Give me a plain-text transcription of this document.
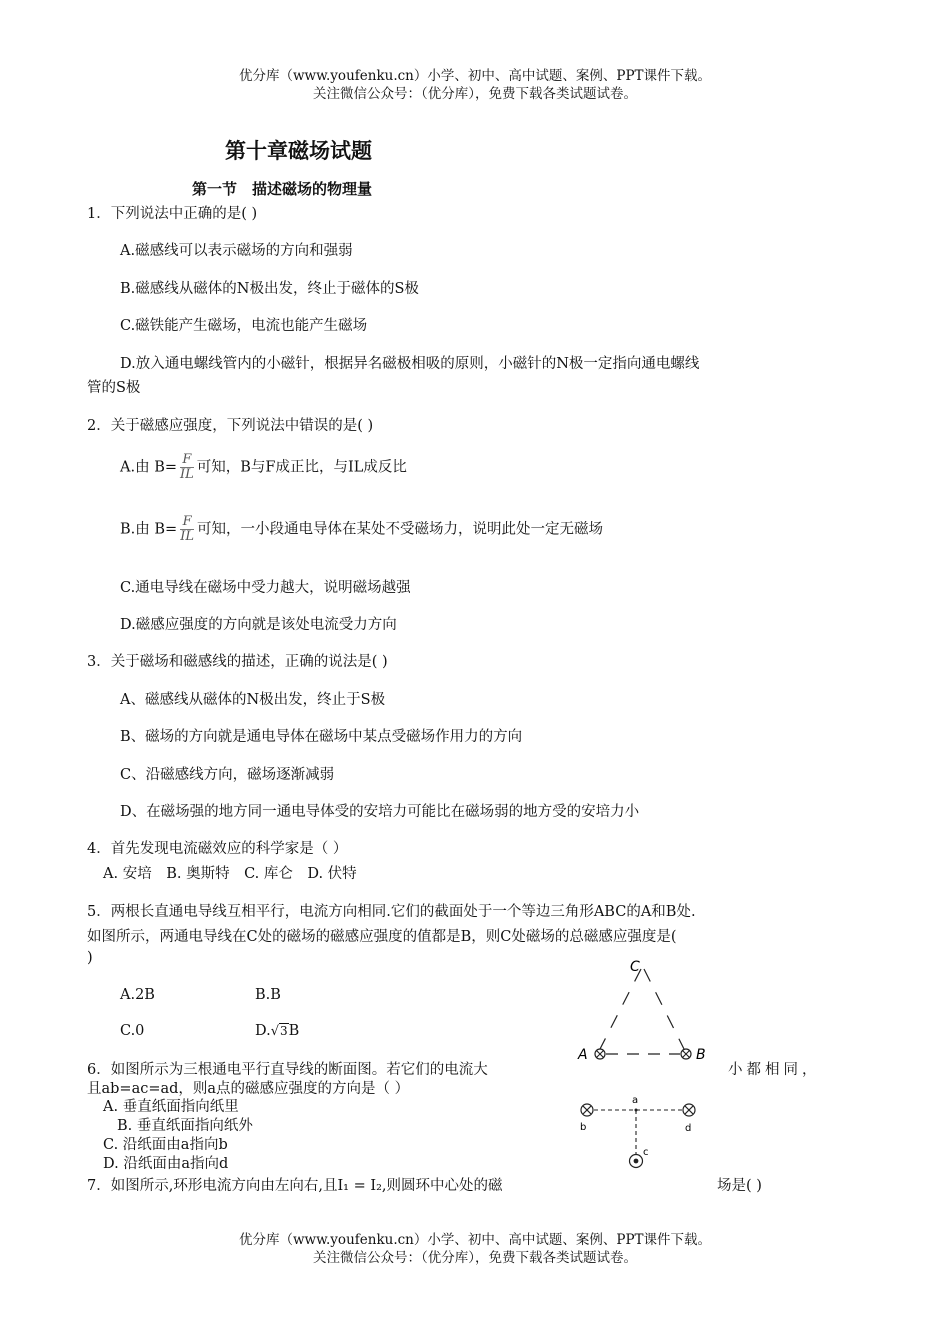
优分库（www.youfenku.cn）小学、初中、高中试题、案例、PPT课件下载。
关注微信公众号：（优分库），免费下载各类试题试卷。
第十章磁场试题
第一节　描述磁场的物理量
1．下列说法中正确的是( )
A.磁感线可以表示磁场的方向和强弱
B.磁感线从磁体的N极出发，终止于磁体的S极
C.磁铁能产生磁场，电流也能产生磁场
D.放入通电螺线管内的小磁针，根据异名磁极相吸的原则，小磁针的N极一定指向通电螺线
管的S极
2．关于磁感应强度，下列说法中错误的是( )
A.由 $B= \frac{F}{IL}$ 可知，B与F成正比，与IL成反比
B.由 $B= \frac{F}{IL}$ 可知，一小段通电导体在某处不受磁场力，说明此处一定无磁场
C.通电导线在磁场中受力越大，说明磁场越强
D.磁感应强度的方向就是该处电流受力方向
3．关于磁场和磁感线的描述，正确的说法是( )
A、磁感线从磁体的N极出发，终止于S极
B、磁场的方向就是通电导体在磁场中某点受磁场作用力的方向
C、沿磁感线方向，磁场逐渐减弱
D、在磁场强的地方同一通电导体受的安培力可能比在磁场弱的地方受的安培力小
4．首先发现电流磁效应的科学家是（ ）
A. 安培　B. 奥斯特　C. 库仑　D. 伏特
5．两根长直通电导线互相平行，电流方向相同.它们的截面处于一个等边三角形ABC的A和B处.
如图所示，两通电导线在C处的磁场的磁感应强度的值都是B，则C处磁场的总磁感应强度是(
)
A.2B	B.B
C.0	D.√3B
A	B
C
6．如图所示为三根通电平行直导线的断面图。若它们的电流大	小都相同，
且ab=ac=ad，则a点的磁感应强度的方向是（ ）
A. 垂直纸面指向纸里
B. 垂直纸面指向纸外
C. 沿纸面由a指向b
D. 沿纸面由a指向d
a
b	d
c
7．如图所示,环形电流方向由左向右,且I₁ = I₂,则圆环中心处的磁	场是( )
优分库（www.youfenku.cn）小学、初中、高中试题、案例、PPT课件下载。
关注微信公众号：（优分库），免费下载各类试题试卷。
